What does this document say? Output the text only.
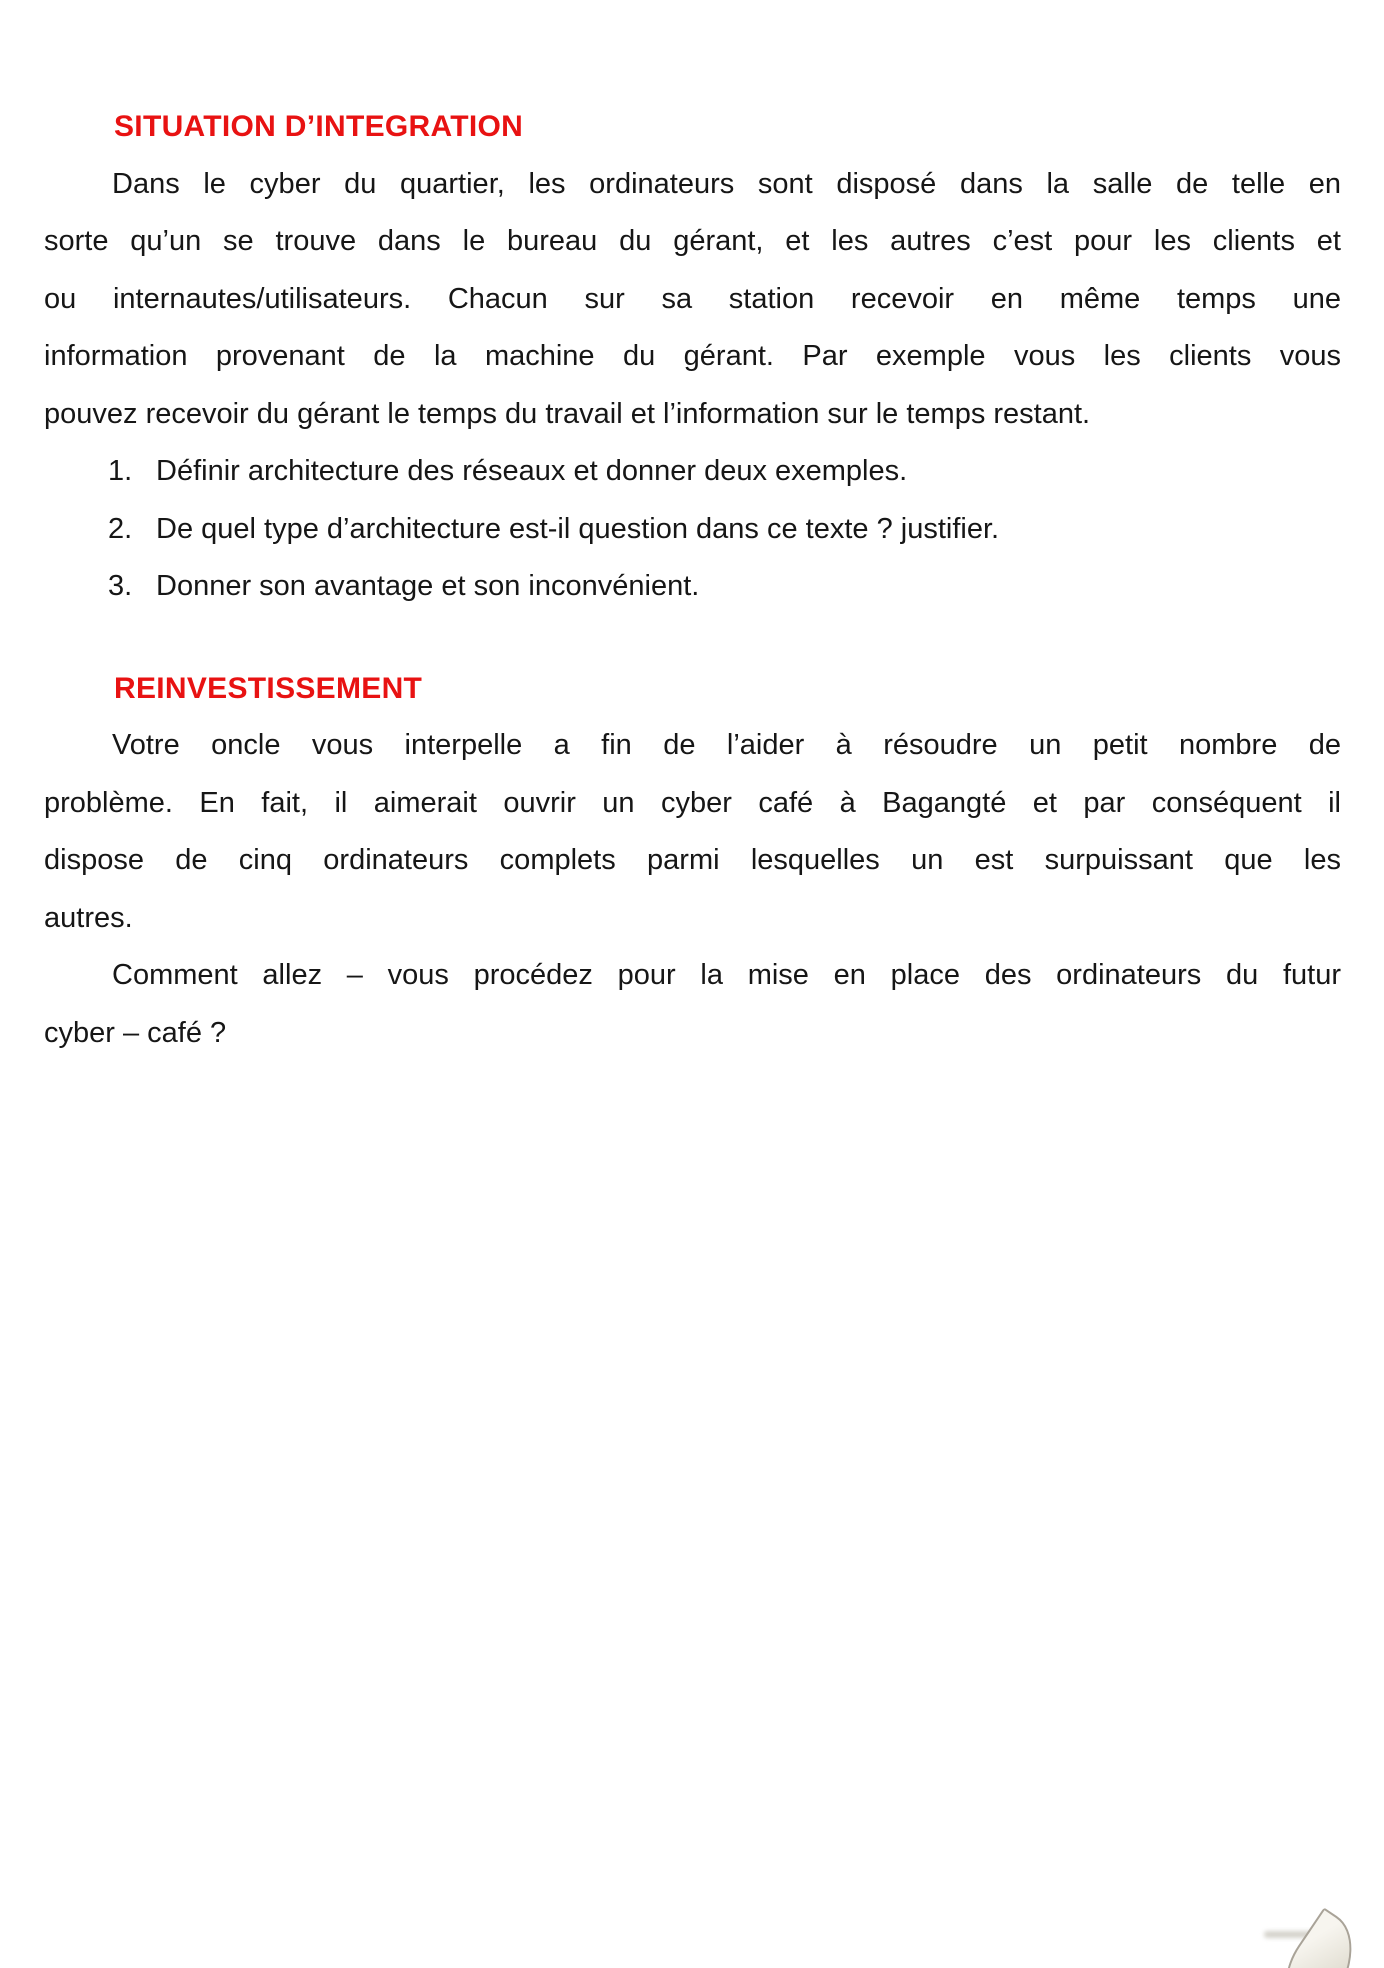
SITUATION D’INTEGRATION
Dans le cyber du quartier, les ordinateurs sont disposé dans la salle de telle en
sorte qu’un se trouve dans le bureau du gérant, et les autres c’est pour les clients et
ou internautes/utilisateurs. Chacun sur sa station recevoir en même temps une
information provenant de la machine du gérant. Par exemple vous les clients vous
pouvez recevoir du gérant le temps du travail et l’information sur le temps restant.
1. Définir architecture des réseaux et donner deux exemples.
2. De quel type d’architecture est-il question dans ce texte ? justifier.
3. Donner son avantage et son inconvénient.
REINVESTISSEMENT
Votre oncle vous interpelle a fin de l’aider à résoudre un petit nombre de
problème. En fait, il aimerait ouvrir un cyber café à Bagangté et par conséquent il
dispose de cinq ordinateurs complets parmi lesquelles un est surpuissant que les
autres.
Comment allez – vous procédez pour la mise en place des ordinateurs du futur
cyber – café ?
